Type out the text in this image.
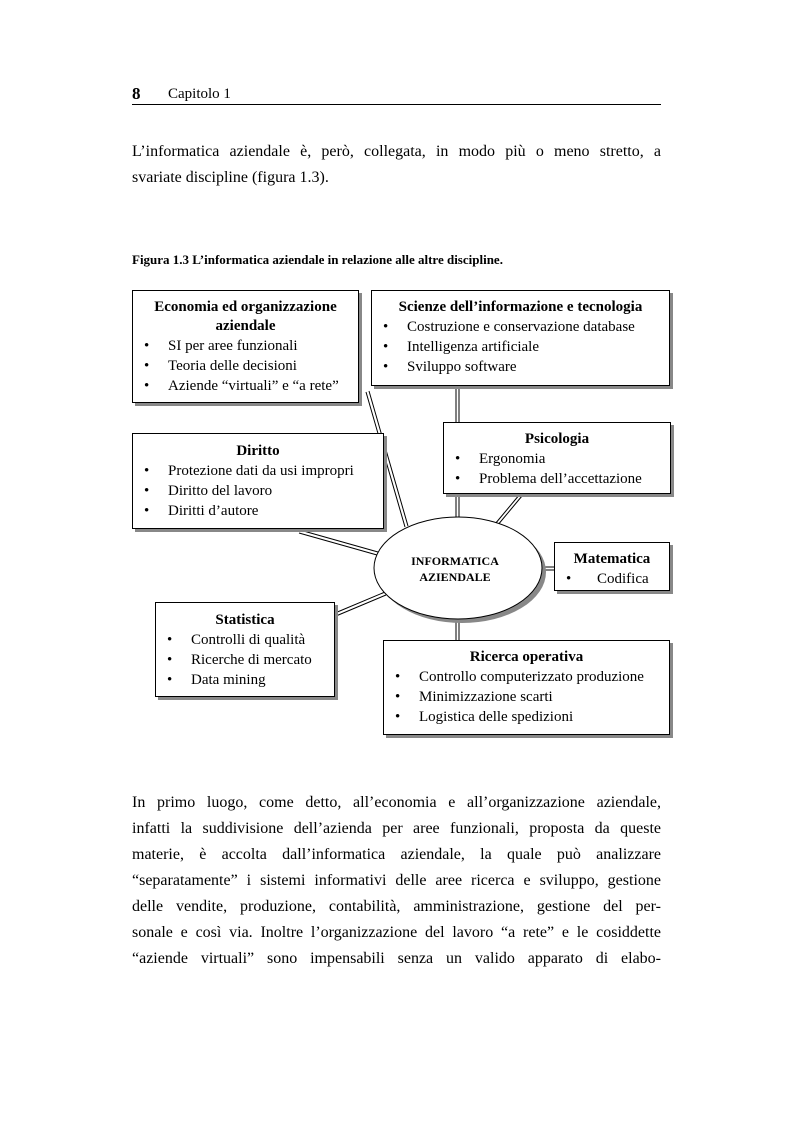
8 Capitolo 1

L’informatica aziendale è, però, collegata, in modo più o meno stretto, a
svariate discipline (figura 1.3).

Figura 1.3 L’informatica aziendale in relazione alle altre discipline.
INFORMATICA
AZIENDALE
Economia ed organizzazione
aziendale
• SI per aree funzionali
• Teoria delle decisioni
• Aziende “virtuali” e “a rete”
Scienze dell’informazione e tecnologia
• Costruzione e conservazione database
• Intelligenza artificiale
• Sviluppo software
Diritto
• Protezione dati da usi impropri
• Diritto del lavoro
• Diritti d’autore
Psicologia
• Ergonomia
• Problema dell’accettazione
Matematica
• Codifica
Statistica
• Controlli di qualità
• Ricerche di mercato
• Data mining
Ricerca operativa
• Controllo computerizzato produzione
• Minimizzazione scarti
• Logistica delle spedizioni

In primo luogo, come detto, all’economia e all’organizzazione aziendale,
infatti la suddivisione dell’azienda per aree funzionali, proposta da queste
materie, è accolta dall’informatica aziendale, la quale può analizzare
“separatamente” i sistemi informativi delle aree ricerca e sviluppo, gestione
delle vendite, produzione, contabilità, amministrazione, gestione del per-
sonale e così via. Inoltre l’organizzazione del lavoro “a rete” e le cosiddette
“aziende virtuali” sono impensabili senza un valido apparato di elabo-
